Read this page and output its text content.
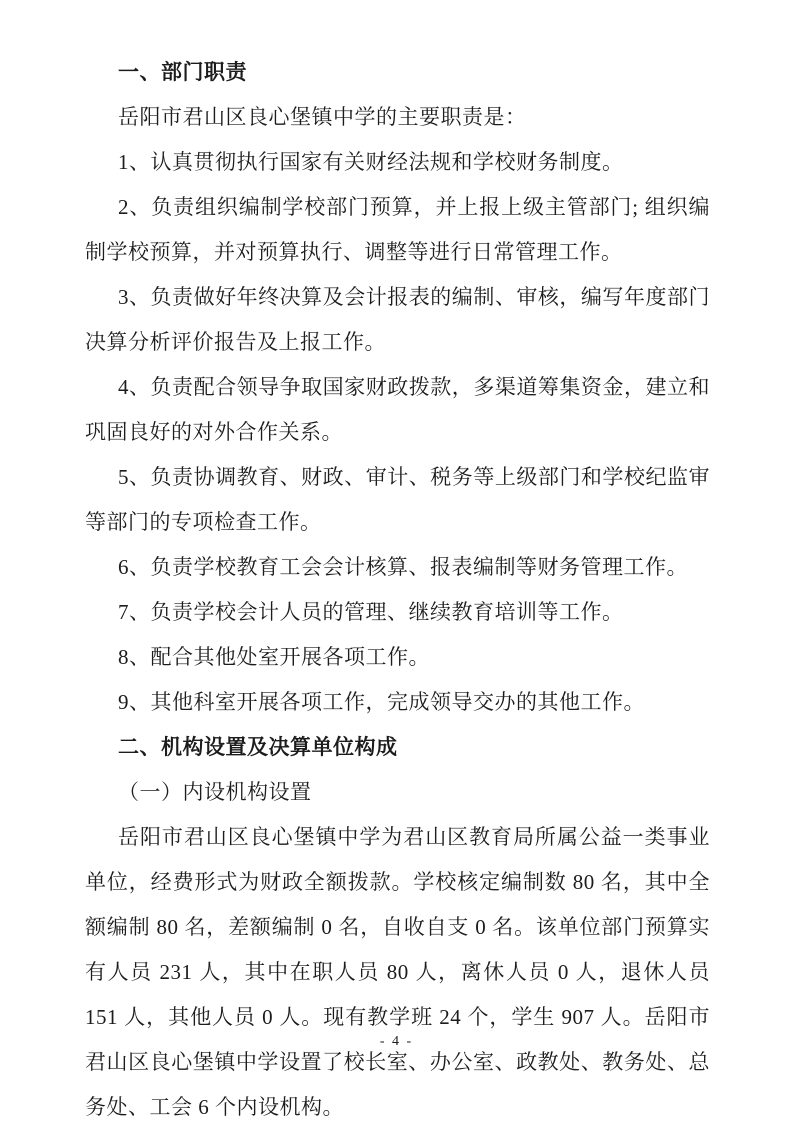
一、部门职责

岳阳市君山区良心堡镇中学的主要职责是：

1、认真贯彻执行国家有关财经法规和学校财务制度。

2、负责组织编制学校部门预算，并上报上级主管部门; 组织编制学校预算，并对预算执行、调整等进行日常管理工作。

3、负责做好年终决算及会计报表的编制、审核，编写年度部门决算分析评价报告及上报工作。

4、负责配合领导争取国家财政拨款，多渠道筹集资金，建立和巩固良好的对外合作关系。

5、负责协调教育、财政、审计、税务等上级部门和学校纪监审等部门的专项检查工作。

6、负责学校教育工会会计核算、报表编制等财务管理工作。

7、负责学校会计人员的管理、继续教育培训等工作。

8、配合其他处室开展各项工作。

9、其他科室开展各项工作，完成领导交办的其他工作。

二、机构设置及决算单位构成

（一）内设机构设置

岳阳市君山区良心堡镇中学为君山区教育局所属公益一类事业单位，经费形式为财政全额拨款。学校核定编制数 80 名，其中全额编制 80 名，差额编制 0 名，自收自支 0 名。该单位部门预算实有人员 231 人，其中在职人员 80 人，离休人员 0 人，退休人员 151 人，其他人员 0 人。现有教学班 24 个，学生 907 人。岳阳市君山区良心堡镇中学设置了校长室、办公室、政教处、教务处、总务处、工会 6 个内设机构。

- 4 -
